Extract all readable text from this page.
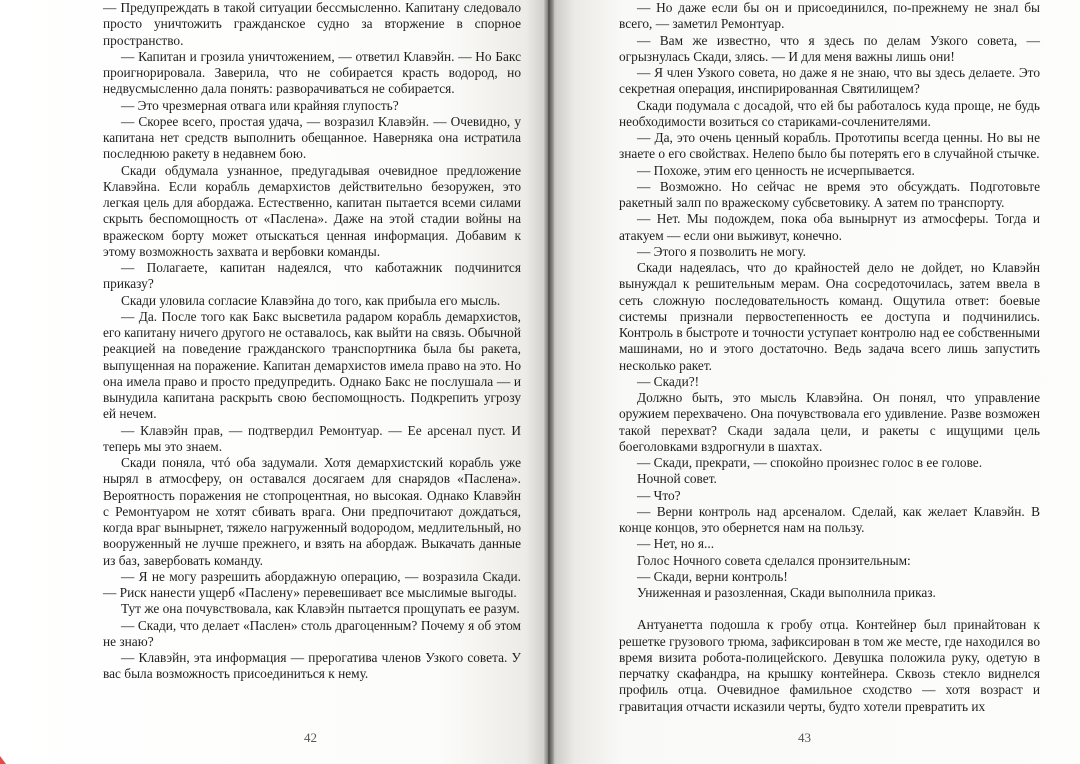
— Предупреждать в такой ситуации бессмысленно. Капитану следовало просто уничтожить гражданское судно за вторжение в спорное пространство.

— Капитан и грозила уничтожением, — ответил Клавэйн. — Но Бакс проигнорировала. Заверила, что не собирается красть водород, но недвусмысленно дала понять: разворачиваться не собирается.

— Это чрезмерная отвага или крайняя глупость?

— Скорее всего, простая удача, — возразил Клавэйн. — Очевидно, у капитана нет средств выполнить обещанное. Наверняка она истратила последнюю ракету в недавнем бою.

Скади обдумала узнанное, предугадывая очевидное предложение Клавэйна. Если корабль демархистов действительно безоружен, это легкая цель для абордажа. Естественно, капитан пытается всеми силами скрыть беспомощность от «Паслена». Даже на этой стадии войны на вражеском борту может отыскаться ценная информация. Добавим к этому возможность захвата и вербовки команды.

— Полагаете, капитан надеялся, что каботажник подчинится приказу?

Скади уловила согласие Клавэйна до того, как прибыла его мысль.

— Да. После того как Бакс высветила радаром корабль демархистов, его капитану ничего другого не оставалось, как выйти на связь. Обычной реакцией на поведение гражданского транспортника была бы ракета, выпущенная на поражение. Капитан демархистов имела право на это. Но она имела право и просто предупредить. Однако Бакс не послушала — и вынудила капитана раскрыть свою беспомощность. Подкрепить угрозу ей нечем.

— Клавэйн прав, — подтвердил Ремонтуар. — Ее арсенал пуст. И теперь мы это знаем.

Скади поняла, чтó оба задумали. Хотя демархистский корабль уже нырял в атмосферу, он оставался досягаем для снарядов «Паслена». Вероятность поражения не стопроцентная, но высокая. Однако Клавэйн с Ремонтуаром не хотят сбивать врага. Они предпочитают дождаться, когда враг вынырнет, тяжело нагруженный водородом, медлительный, но вооруженный не лучше прежнего, и взять на абордаж. Выкачать данные из баз, завербовать команду.

— Я не могу разрешить абордажную операцию, — возразила Скади. — Риск нанести ущерб «Паслену» перевешивает все мыслимые выгоды.

Тут же она почувствовала, как Клавэйн пытается прощупать ее разум.

— Скади, что делает «Паслен» столь драгоценным? Почему я об этом не знаю?

— Клавэйн, эта информация — прерогатива членов Узкого совета. У вас была возможность присоединиться к нему.

42

— Но даже если бы он и присоединился, по-прежнему не знал бы всего, — заметил Ремонтуар.

— Вам же известно, что я здесь по делам Узкого совета, — огрызнулась Скади, злясь. — И для меня важны лишь они!

— Я член Узкого совета, но даже я не знаю, что вы здесь делаете. Это секретная операция, инспирированная Святилищем?

Скади подумала с досадой, что ей бы работалось куда проще, не будь необходимости возиться со стариками-сочленителями.

— Да, это очень ценный корабль. Прототипы всегда ценны. Но вы не знаете о его свойствах. Нелепо было бы потерять его в случайной стычке.

— Похоже, этим его ценность не исчерпывается.

— Возможно. Но сейчас не время это обсуждать. Подготовьте ракетный залп по вражескому субсветовику. А затем по транспорту.

— Нет. Мы подождем, пока оба вынырнут из атмосферы. Тогда и атакуем — если они выживут, конечно.

— Этого я позволить не могу.

Скади надеялась, что до крайностей дело не дойдет, но Клавэйн вынуждал к решительным мерам. Она сосредоточилась, затем ввела в сеть сложную последовательность команд. Ощутила ответ: боевые системы признали первостепенность ее доступа и подчинились. Контроль в быстроте и точности уступает контролю над ее собственными машинами, но и этого достаточно. Ведь задача всего лишь запустить несколько ракет.

— Скади?!

Должно быть, это мысль Клавэйна. Он понял, что управление оружием перехвачено. Она почувствовала его удивление. Разве возможен такой перехват? Скади задала цели, и ракеты с ищущими цель боеголовками вздрогнули в шахтах.

— Скади, прекрати, — спокойно произнес голос в ее голове.

Ночной совет.

— Что?

— Верни контроль над арсеналом. Сделай, как желает Клавэйн. В конце концов, это обернется нам на пользу.

— Нет, но я...

Голос Ночного совета сделался пронзительным:

— Скади, верни контроль!

Униженная и разозленная, Скади выполнила приказ.

Антуанетта подошла к гробу отца. Контейнер был принайтован к решетке грузового трюма, зафиксирован в том же месте, где находился во время визита робота-полицейского. Девушка положила руку, одетую в перчатку скафандра, на крышку контейнера. Сквозь стекло виднелся профиль отца. Очевидное фамильное сходство — хотя возраст и гравитация отчасти исказили черты, будто хотели превратить их

43
